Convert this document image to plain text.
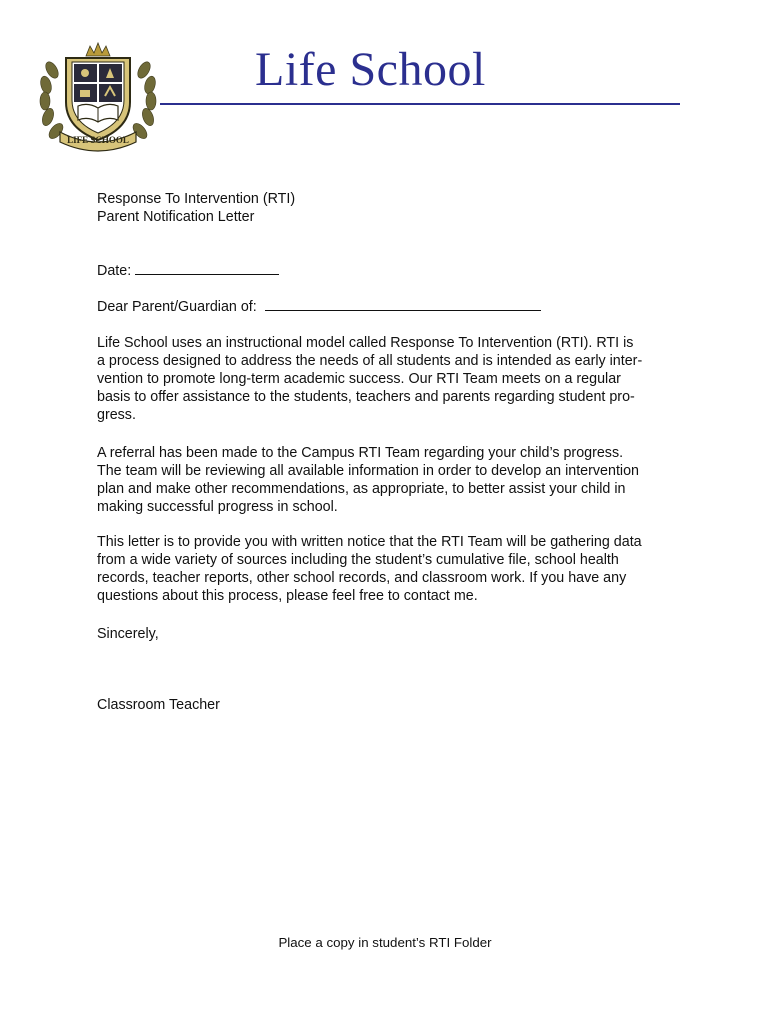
LIFE SCHOOL
Life School
Response To Intervention (RTI)
Parent Notification Letter
Date:
Dear Parent/Guardian of:
Life School uses an instructional model called Response To Intervention (RTI). RTI is
a process designed to address the needs of all students and is intended as early inter-
vention to promote long-term academic success. Our RTI Team meets on a regular
basis to offer assistance to the students, teachers and parents regarding student pro-
gress.
A referral has been made to the Campus RTI Team regarding your child’s progress.
The team will be reviewing all available information in order to develop an intervention
plan and make other recommendations, as appropriate, to better assist your child in
making successful progress in school.
This letter is to provide you with written notice that the RTI Team will be gathering data
from a wide variety of sources including the student’s cumulative file, school health
records, teacher reports, other school records, and classroom work. If you have any
questions about this process, please feel free to contact me.
Sincerely,
Classroom Teacher
Place a copy in student’s RTI Folder
